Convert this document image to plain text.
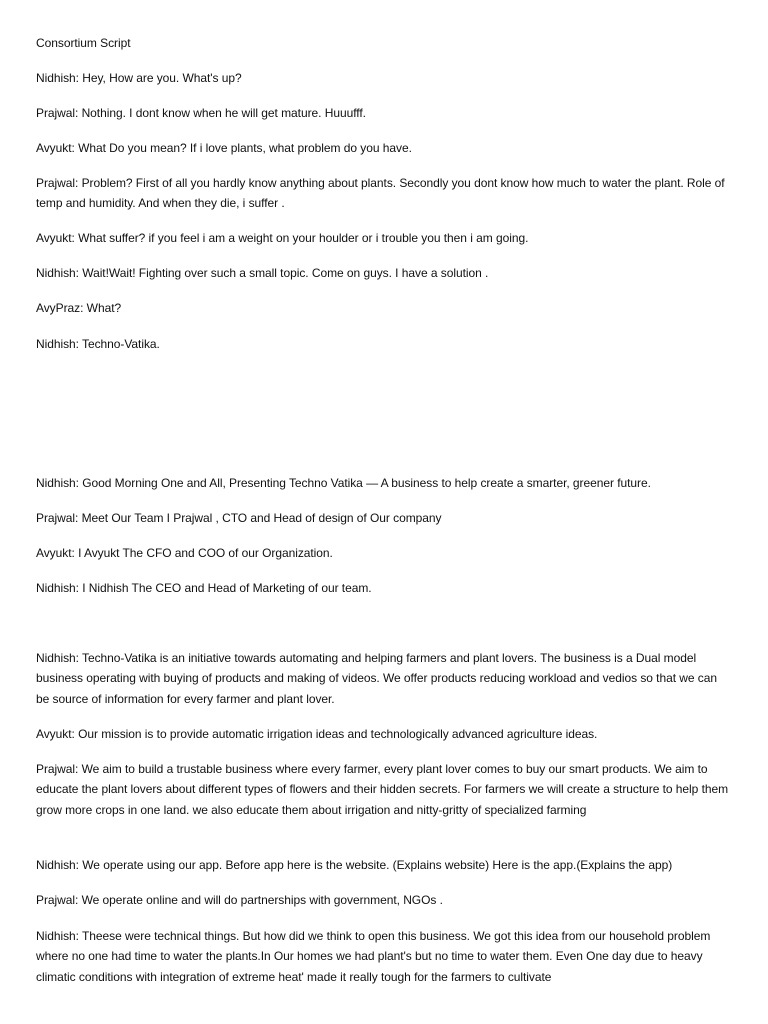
Consortium Script

Nidhish: Hey, How are you. What's up?

Prajwal: Nothing. I dont know when he will get mature. Huuufff.

Avyukt: What Do you mean? If i love plants, what problem do you have.

Prajwal: Problem? First of all you hardly know anything about plants. Secondly you dont know how much to water the plant. Role of temp and humidity. And when they die, i suffer .

Avyukt: What suffer? if you feel i am a weight on your houlder or i trouble you then i am going.

Nidhish: Wait!Wait! Fighting over such a small topic. Come on guys. I have a solution .

AvyPraz: What?

Nidhish: Techno-Vatika.

Nidhish: Good Morning One and All, Presenting Techno Vatika — A business to help create a smarter, greener future.

Prajwal: Meet Our Team I Prajwal , CTO and Head of design of Our company

Avyukt: I Avyukt The CFO and COO of our Organization.

Nidhish: I Nidhish The CEO and Head of Marketing of our team.

Nidhish: Techno-Vatika is an initiative towards automating and helping farmers and plant lovers. The business is a Dual model business operating with buying of products and making of videos. We offer products reducing workload and vedios so that we can be source of information for every farmer and plant lover.

Avyukt: Our mission is to provide automatic irrigation ideas and technologically advanced agriculture ideas.

Prajwal: We aim to build a trustable business where every farmer, every plant lover comes to buy our smart products. We aim to educate the plant lovers about different types of flowers and their hidden secrets. For farmers we will create a structure to help them grow more crops in one land. we also educate them about irrigation and nitty-gritty of specialized farming

Nidhish: We operate using our app. Before app here is the website. (Explains website) Here is the app.(Explains the app)

Prajwal: We operate online and will do partnerships with government, NGOs .

Nidhish: Theese were technical things. But how did we think to open this business. We got this idea from our household problem where no one had time to water the plants.In Our homes we had plant's but no time to water them. Even One day due to heavy climatic conditions with integration of extreme heat' made it really tough for the farmers to cultivate
